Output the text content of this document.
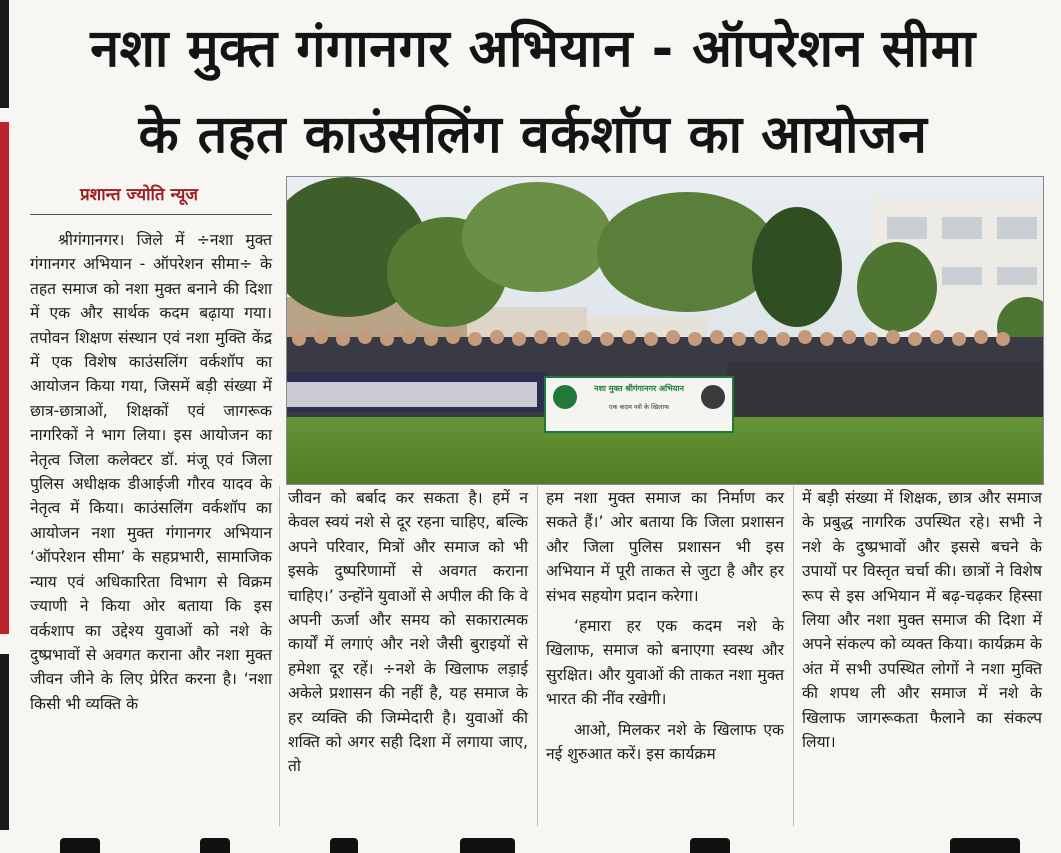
नशा मुक्त गंगानगर अभियान - ऑपरेशन सीमा
के तहत काउंसलिंग वर्कशॉप का आयोजन
प्रशान्त ज्योति न्यूज
नशा मुक्त श्रीगंगानगर अभियान
एक कदम नशे के खिलाफ

श्रीगंगानगर। जिले में ÷नशा मुक्त गंगानगर अभियान - ऑपरेशन सीमा÷ के तहत समाज को नशा मुक्त बनाने की दिशा में एक और सार्थक कदम बढ़ाया गया। तपोवन शिक्षण संस्थान एवं नशा मुक्ति केंद्र में एक विशेष काउंसलिंग वर्कशॉप का आयोजन किया गया, जिसमें बड़ी संख्या में छात्र-छात्राओं, शिक्षकों एवं जागरूक नागरिकों ने भाग लिया। इस आयोजन का नेतृत्व जिला कलेक्टर डॉ. मंजू एवं जिला पुलिस अधीक्षक डीआईजी गौरव यादव के नेतृत्व में किया। काउंसलिंग वर्कशॉप का आयोजन नशा मुक्त गंगानगर अभियान ‘ऑपरेशन सीमा’ के सहप्रभारी, सामाजिक न्याय एवं अधिकारिता विभाग से विक्रम ज्याणी ने किया ओर बताया कि इस वर्कशाप का उद्देश्य युवाओं को नशे के दुष्प्रभावों से अवगत कराना और नशा मुक्त जीवन जीने के लिए प्रेरित करना है। ‘नशा किसी भी व्यक्ति के

जीवन को बर्बाद कर सकता है। हमें न केवल स्वयं नशे से दूर रहना चाहिए, बल्कि अपने परिवार, मित्रों और समाज को भी इसके दुष्परिणामों से अवगत कराना चाहिए।’ उन्होंने युवाओं से अपील की कि वे अपनी ऊर्जा और समय को सकारात्मक कार्यों में लगाएं और नशे जैसी बुराइयों से हमेशा दूर रहें। ÷नशे के खिलाफ लड़ाई अकेले प्रशासन की नहीं है, यह समाज के हर व्यक्ति की जिम्मेदारी है। युवाओं की शक्ति को अगर सही दिशा में लगाया जाए, तो

हम नशा मुक्त समाज का निर्माण कर सकते हैं।’ ओर बताया कि जिला प्रशासन और जिला पुलिस प्रशासन भी इस अभियान में पूरी ताकत से जुटा है और हर संभव सहयोग प्रदान करेगा।

‘हमारा हर एक कदम नशे के खिलाफ, समाज को बनाएगा स्वस्थ और सुरक्षित। और युवाओं की ताकत नशा मुक्त भारत की नींव रखेगी।

आओ, मिलकर नशे के खिलाफ एक नई शुरुआत करें। इस कार्यक्रम

में बड़ी संख्या में शिक्षक, छात्र और समाज के प्रबुद्ध नागरिक उपस्थित रहे। सभी ने नशे के दुष्प्रभावों और इससे बचने के उपायों पर विस्तृत चर्चा की। छात्रों ने विशेष रूप से इस अभियान में बढ़-चढ़कर हिस्सा लिया और नशा मुक्त समाज की दिशा में अपने संकल्प को व्यक्त किया। कार्यक्रम के अंत में सभी उपस्थित लोगों ने नशा मुक्ति की शपथ ली और समाज में नशे के खिलाफ जागरूकता फैलाने का संकल्प लिया।
